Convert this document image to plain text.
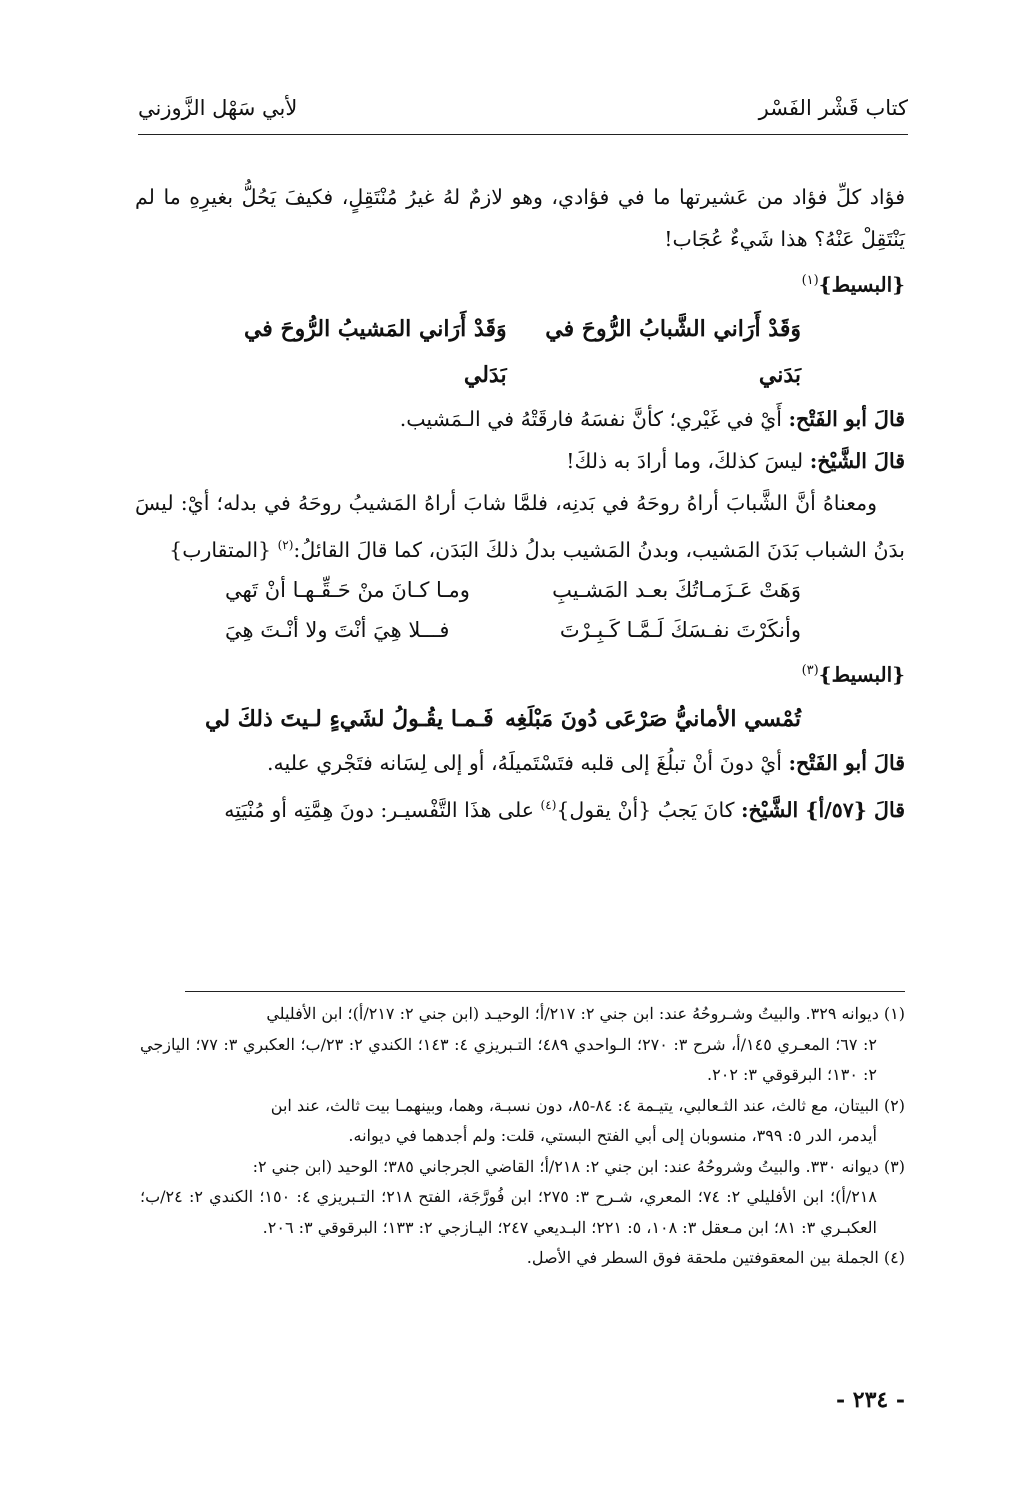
كتاب قَشْر الفَسْر
لأبي سَهْل الزَّوزني

فؤاد كلِّ فؤاد من عَشيرتها ما في فؤادي، وهو لازمٌ لهُ غيرُ مُنْتَقِلٍ، فكيفَ يَحُلُّ بغيرِهِ ما لم يَنْتَقِلْ عَنْهُ؟ هذا شَيءٌ عُجَاب!

{البسيط}$^{(١)}$

وَقَدْ أَرَاني الشَّبابُ الرُّوحَ في بَدَني
وَقَدْ أَرَاني المَشيبُ الرُّوحَ في بَدَلي

قالَ أبو الفَتْح: أَيْ في غَيْري؛ كأنَّ نفسَهُ فارقَتْهُ في الـمَشيب.

قالَ الشَّيْخ: ليسَ كذلكَ، وما أرادَ به ذلكَ!

ومعناهُ أنَّ الشَّبابَ أراهُ روحَهُ في بَدنِه، فلمَّا شابَ أراهُ المَشيبُ روحَهُ في بدله؛ أيْ: ليسَ بدَنُ الشباب بَدَنَ المَشيب، وبدنُ المَشيب بدلُ ذلكَ البَدَن، كما قالَ القائلُ:$^{(٢)}$ {المتقارب}

وَهَتْ عَـزَمـاتُكَ بعـد المَشـيبِ
ومـا كـانَ منْ حَـقِّـهـا أنْ تَهي
وأنكَرْتَ نفـسَكَ لَـمَّـا كَـبِـرْتَ
فـــلا هِيَ أنْتَ ولا أنْـتَ هِيَ

{البسيط}$^{(٣)}$

تُمْسي الأمانيُّ صَرْعَى دُونَ مَبْلَغِه
فَـمـا يقُـولُ لشَيءٍ لـيتَ ذلكَ لي

قالَ أبو الفَتْح: أيْ دونَ أنْ تبلُغَ إلى قلبه فتَسْتَميلَهُ، أو إلى لِسَانه فتَجْري عليه.

قالَ {٥٧/أ} الشَّيْخ: كانَ يَجبُ {أنْ يقول}$^{(٤)}$ على هذَا التَّفْسيـر: دونَ هِمَّتِه أو مُنْيَتِه

(١) ديوانه ٣٢٩. والبيتُ وشـروحُهُ عند: ابن جني ٢: ٢١٧/أ؛ الوحيـد (ابن جني ٢: ٢١٧/أ)؛ ابن الأفليلي
٢: ٦٧؛ المعـري ١٤٥/أ، شرح ٣: ٢٧٠؛ الـواحدي ٤٨٩؛ التـبريزي ٤: ١٤٣؛ الكندي ٢: ٢٣/ب؛ العكبري ٣: ٧٧؛ اليازجي ٢: ١٣٠؛ البرقوقي ٣: ٢٠٢.

(٢) البيتان، مع ثالث، عند الثـعالبي، يتيـمة ٤: ٨٤-٨٥، دون نسبـة، وهما، وبينهمـا بيت ثالث، عند ابن
أيدمر، الدر ٥: ٣٩٩، منسوبان إلى أبي الفتح البستي، قلت: ولم أجدهما في ديوانه.

(٣) ديوانه ٣٣٠. والبيتُ وشروحُهُ عند: ابن جني ٢: ٢١٨/أ؛ القاضي الجرجاني ٣٨٥؛ الوحيد (ابن جني ٢:
٢١٨/أ)؛ ابن الأفليلي ٢: ٧٤؛ المعري، شـرح ٣: ٢٧٥؛ ابن فُورَّجَة، الفتح ٢١٨؛ التـبريزي ٤: ١٥٠؛ الكندي ٢: ٢٤/ب؛ العكبـري ٣: ٨١؛ ابن مـعقل ٣: ١٠٨، ٥: ٢٢١؛ البـديعي ٢٤٧؛ اليـازجي ٢: ١٣٣؛ البرقوقي ٣: ٢٠٦.

(٤) الجملة بين المعقوفتين ملحقة فوق السطر في الأصل.

- ٢٣٤ -
